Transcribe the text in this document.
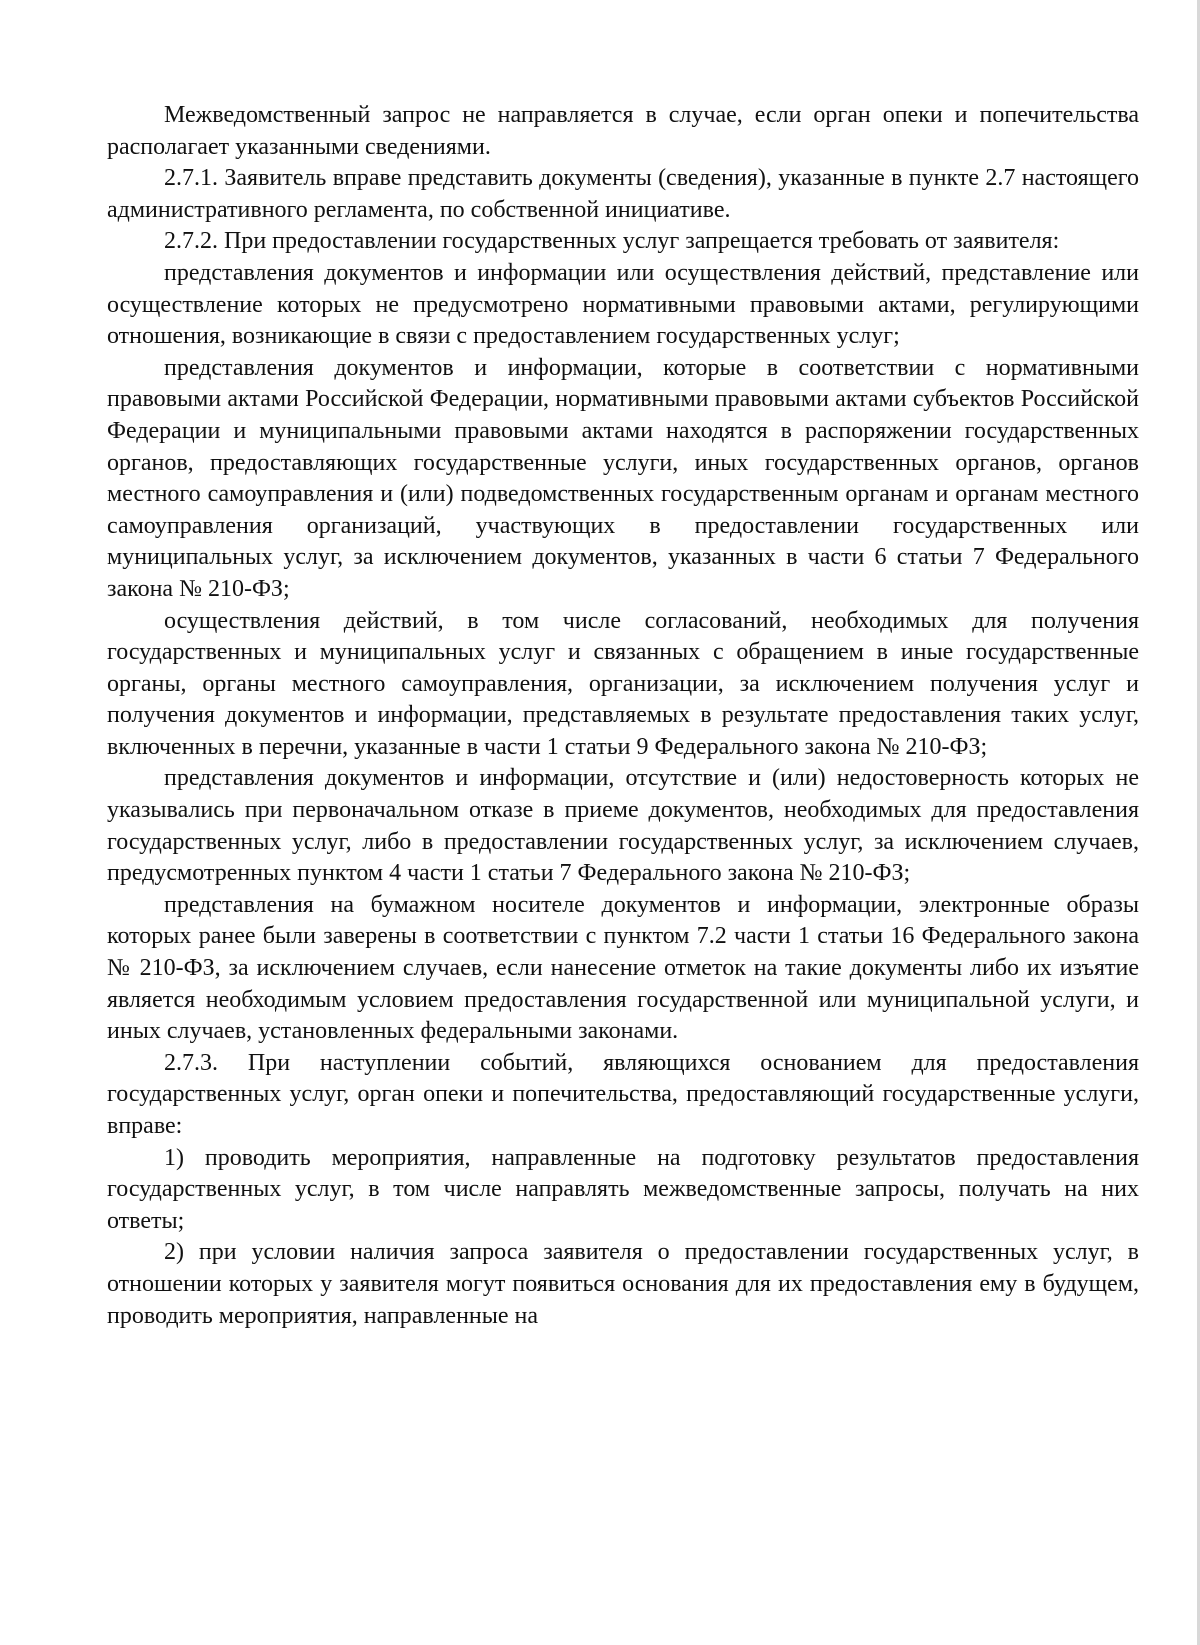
Межведомственный запрос не направляется в случае, если орган опеки и попечительства располагает указанными сведениями.

2.7.1. Заявитель вправе представить документы (сведения), указанные в пункте 2.7 настоящего административного регламента, по собственной инициативе.

2.7.2. При предоставлении государственных услуг запрещается требовать от заявителя:

представления документов и информации или осуществления действий, представление или осуществление которых не предусмотрено нормативными правовыми актами, регулирующими отношения, возникающие в связи с предоставлением государственных услуг;

представления документов и информации, которые в соответствии с нормативными правовыми актами Российской Федерации, нормативными правовыми актами субъектов Российской Федерации и муниципальными правовыми актами находятся в распоряжении государственных органов, предоставляющих государственные услуги, иных государственных органов, органов местного самоуправления и (или) подведомственных государственным органам и органам местного самоуправления организаций, участвующих в предоставлении государственных или муниципальных услуг, за исключением документов, указанных в части 6 статьи 7 Федерального закона № 210-ФЗ;

осуществления действий, в том числе согласований, необходимых для получения государственных и муниципальных услуг и связанных с обращением в иные государственные органы, органы местного самоуправления, организации, за исключением получения услуг и получения документов и информации, представляемых в результате предоставления таких услуг, включенных в перечни, указанные в части 1 статьи 9 Федерального закона № 210-ФЗ;

представления документов и информации, отсутствие и (или) недостоверность которых не указывались при первоначальном отказе в приеме документов, необходимых для предоставления государственных услуг, либо в предоставлении государственных услуг, за исключением случаев, предусмотренных пунктом 4 части 1 статьи 7 Федерального закона № 210-ФЗ;

представления на бумажном носителе документов и информации, электронные образы которых ранее были заверены в соответствии с пунктом 7.2 части 1 статьи 16 Федерального закона № 210-ФЗ, за исключением случаев, если нанесение отметок на такие документы либо их изъятие является необходимым условием предоставления государственной или муниципальной услуги, и иных случаев, установленных федеральными законами.

2.7.3. При наступлении событий, являющихся основанием для предоставления государственных услуг, орган опеки и попечительства, предоставляющий государственные услуги, вправе:

1) проводить мероприятия, направленные на подготовку результатов предоставления государственных услуг, в том числе направлять межведомственные запросы, получать на них ответы;

2) при условии наличия запроса заявителя о предоставлении государственных услуг, в отношении которых у заявителя могут появиться основания для их предоставления ему в будущем, проводить мероприятия, направленные на
